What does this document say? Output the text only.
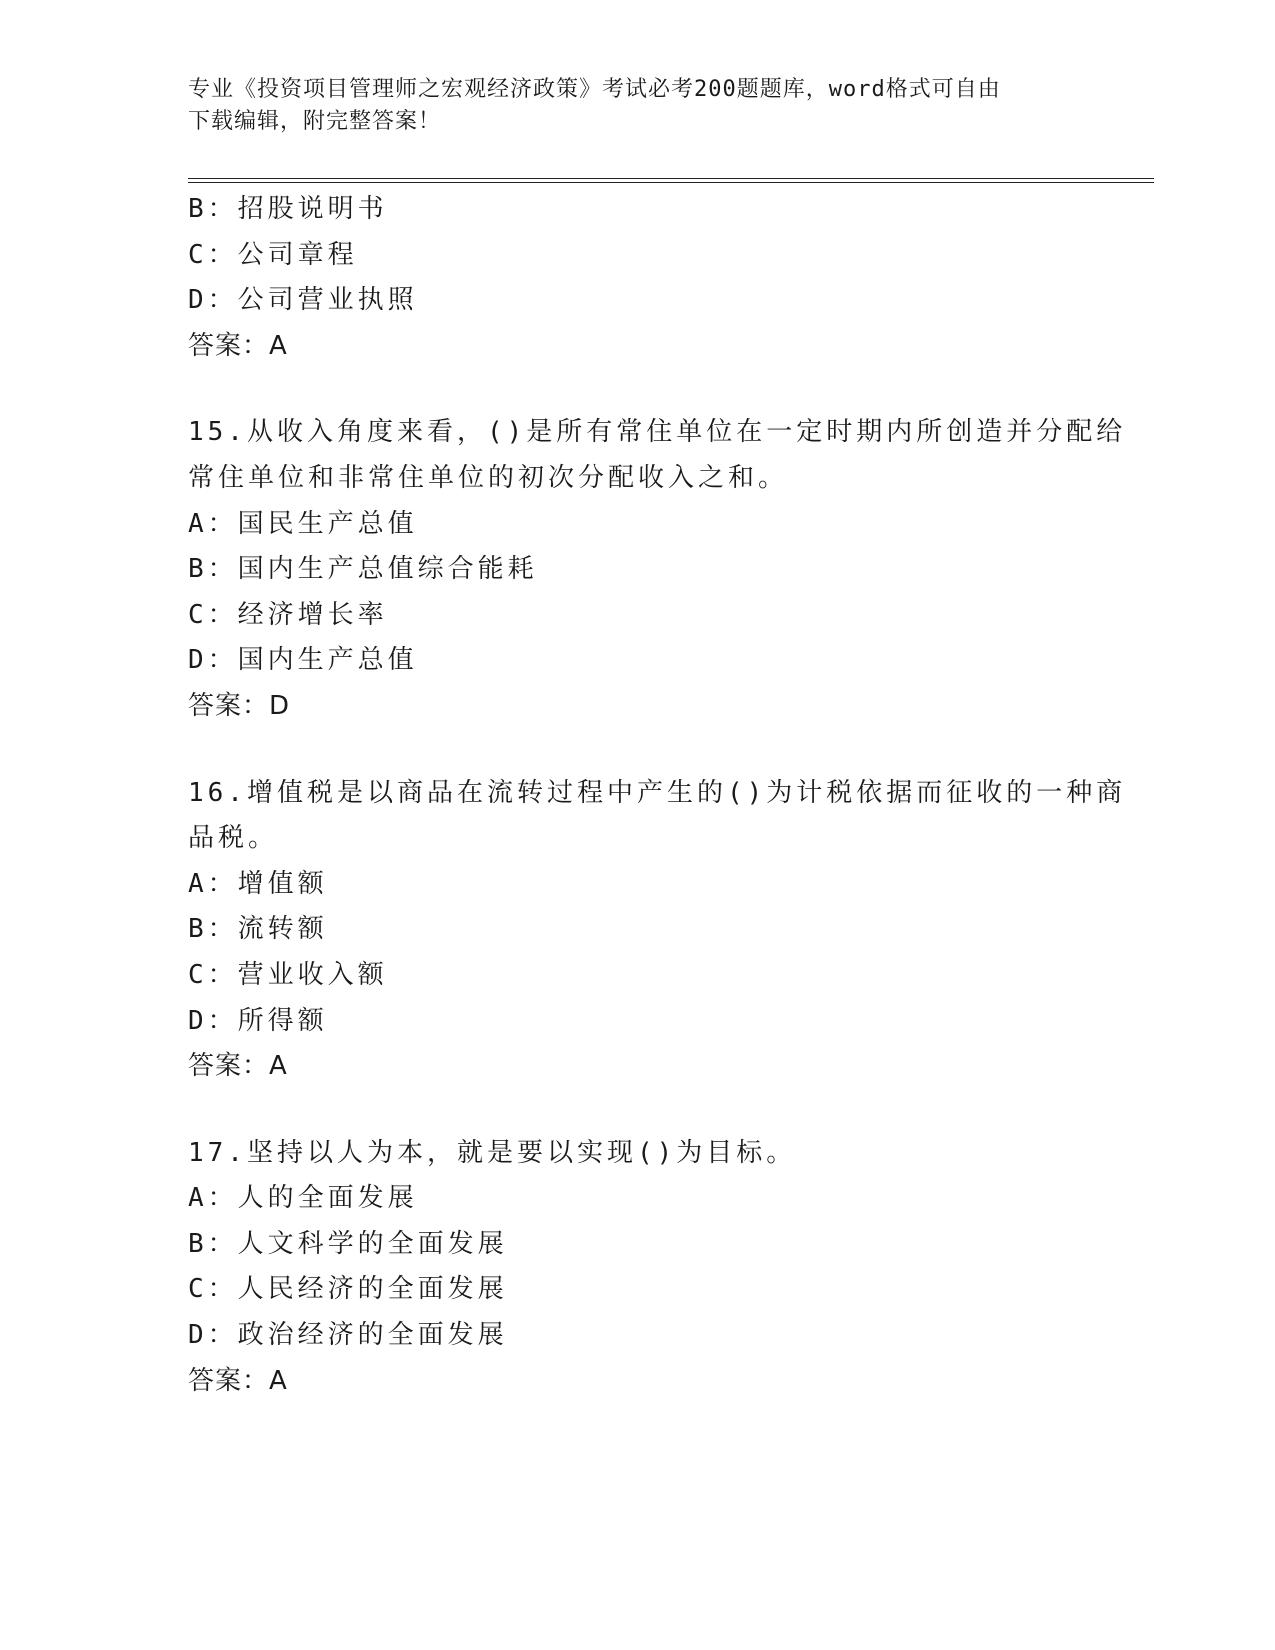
专业《投资项目管理师之宏观经济政策》考试必考200题题库，word格式可自由
下载编辑，附完整答案！
B：招股说明书
C：公司章程
D：公司营业执照
答案：A
15.从收入角度来看，()是所有常住单位在一定时期内所创造并分配给
常住单位和非常住单位的初次分配收入之和。
A：国民生产总值
B：国内生产总值综合能耗
C：经济增长率
D：国内生产总值
答案：D
16.增值税是以商品在流转过程中产生的()为计税依据而征收的一种商
品税。
A：增值额
B：流转额
C：营业收入额
D：所得额
答案：A
17.坚持以人为本，就是要以实现()为目标。
A：人的全面发展
B：人文科学的全面发展
C：人民经济的全面发展
D：政治经济的全面发展
答案：A
